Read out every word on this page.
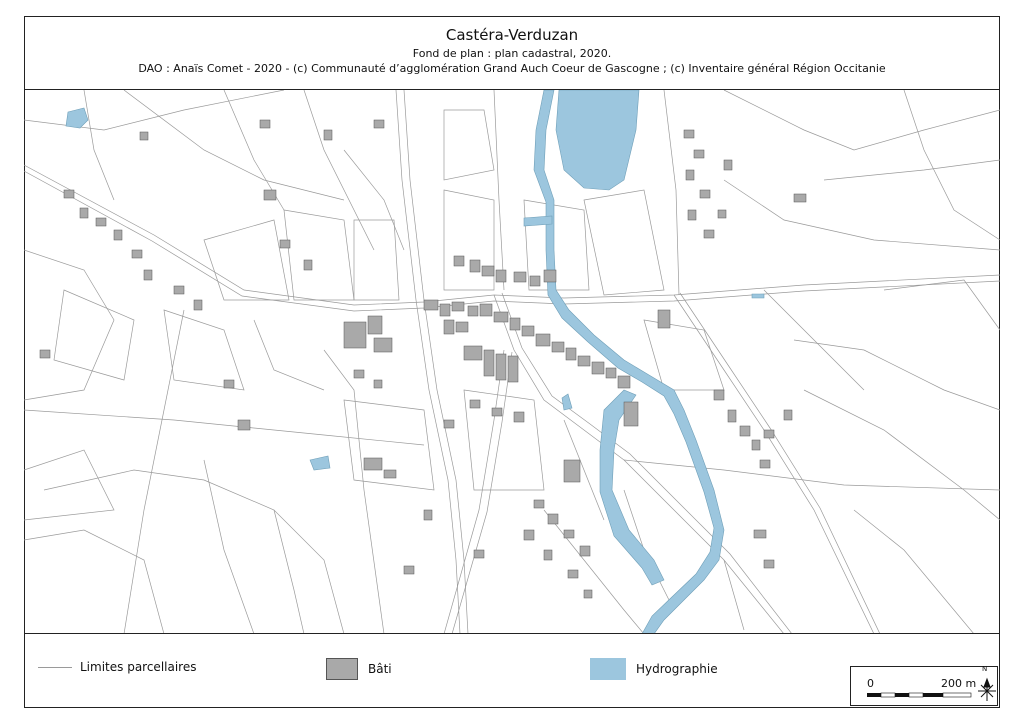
Castéra-Verduzan
Fond de plan : plan cadastral, 2020.
DAO : Anaïs Comet - 2020 - (c) Communauté d’agglomération Grand Auch Coeur de Gascogne ; (c) Inventaire général Région Occitanie
Limites parcellaires	Bâti	Hydrographie
0	200 m
N
